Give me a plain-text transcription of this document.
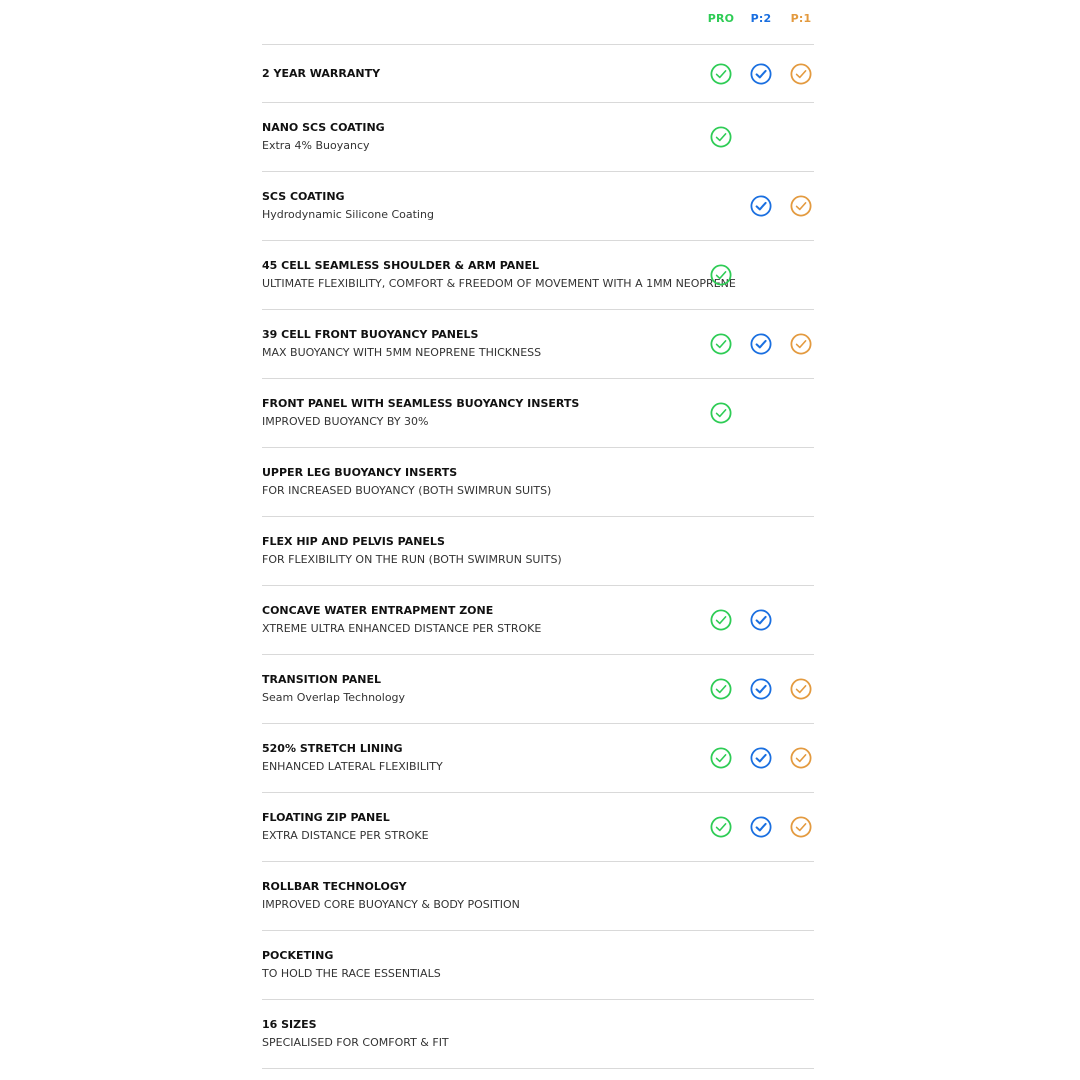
PRO	P:2	P:1
2 YEAR WARRANTY
NANO SCS COATING
Extra 4% Buoyancy
SCS COATING
Hydrodynamic Silicone Coating
45 CELL SEAMLESS SHOULDER & ARM PANEL
ULTIMATE FLEXIBILITY, COMFORT & FREEDOM OF MOVEMENT WITH A 1MM NEOPRENE
39 CELL FRONT BUOYANCY PANELS
MAX BUOYANCY WITH 5MM NEOPRENE THICKNESS
FRONT PANEL WITH SEAMLESS BUOYANCY INSERTS
IMPROVED BUOYANCY BY 30%
UPPER LEG BUOYANCY INSERTS
FOR INCREASED BUOYANCY (BOTH SWIMRUN SUITS)
FLEX HIP AND PELVIS PANELS
FOR FLEXIBILITY ON THE RUN (BOTH SWIMRUN SUITS)
CONCAVE WATER ENTRAPMENT ZONE
XTREME ULTRA ENHANCED DISTANCE PER STROKE
TRANSITION PANEL
Seam Overlap Technology
520% STRETCH LINING
ENHANCED LATERAL FLEXIBILITY
FLOATING ZIP PANEL
EXTRA DISTANCE PER STROKE
ROLLBAR TECHNOLOGY
IMPROVED CORE BUOYANCY & BODY POSITION
POCKETING
TO HOLD THE RACE ESSENTIALS
16 SIZES
SPECIALISED FOR COMFORT & FIT
